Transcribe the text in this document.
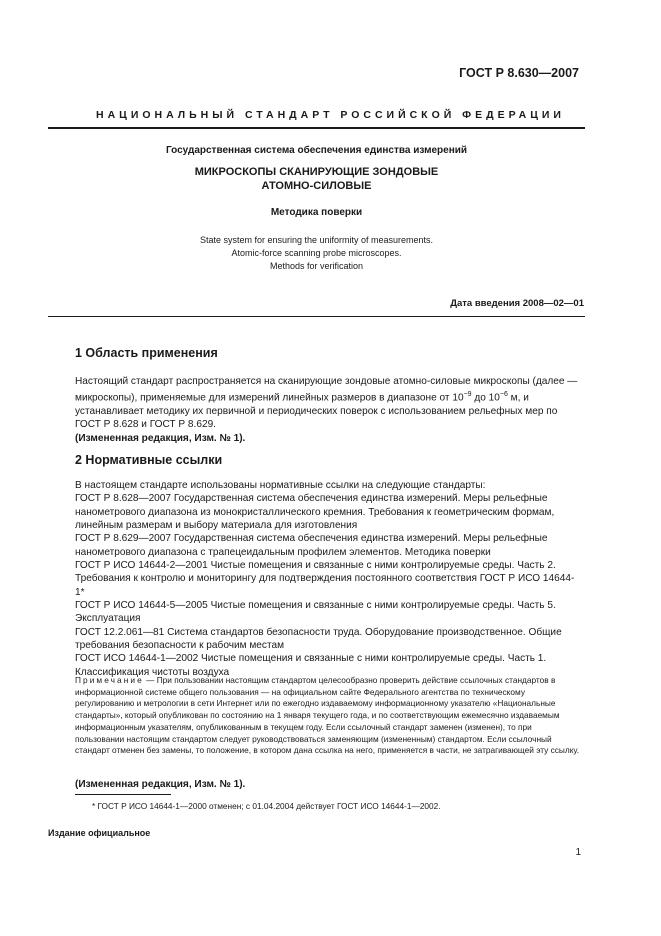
ГОСТ Р 8.630—2007
НАЦИОНАЛЬНЫЙ СТАНДАРТ РОССИЙСКОЙ ФЕДЕРАЦИИ
Государственная система обеспечения единства измерений
МИКРОСКОПЫ СКАНИРУЮЩИЕ ЗОНДОВЫЕ
АТОМНО-СИЛОВЫЕ
Методика поверки
State system for ensuring the uniformity of measurements.
Atomic-force scanning probe microscopes.
Methods for verification
Дата введения 2008—02—01
1 Область применения

Настоящий стандарт распространяется на сканирующие зондовые атомно-силовые микроскопы (далее — микроскопы), применяемые для измерений линейных размеров в диапазоне от $10^{-9}$ до $10^{-6}$ м, и устанавливает методику их первичной и периодических поверок с использованием рельефных мер по ГОСТ Р 8.628 и ГОСТ Р 8.629.

(Измененная редакция, Изм. № 1).

2 Нормативные ссылки

В настоящем стандарте использованы нормативные ссылки на следующие стандарты:

ГОСТ Р 8.628—2007 Государственная система обеспечения единства измерений. Меры рельефные нанометрового диапазона из монокристаллического кремния. Требования к геометрическим формам, линейным размерам и выбору материала для изготовления

ГОСТ Р 8.629—2007 Государственная система обеспечения единства измерений. Меры рельефные нанометрового диапазона с трапецеидальным профилем элементов. Методика поверки

ГОСТ Р ИСО 14644-2—2001 Чистые помещения и связанные с ними контролируемые среды. Часть 2. Требования к контролю и мониторингу для подтверждения постоянного соответствия ГОСТ Р ИСО 14644-1*

ГОСТ Р ИСО 14644-5—2005 Чистые помещения и связанные с ними контролируемые среды. Часть 5. Эксплуатация

ГОСТ 12.2.061—81 Система стандартов безопасности труда. Оборудование производственное. Общие требования безопасности к рабочим местам

ГОСТ ИСО 14644-1—2002 Чистые помещения и связанные с ними контролируемые среды. Часть 1. Классификация чистоты воздуха

Примечание — При пользовании настоящим стандартом целесообразно проверить действие ссылочных стандартов в информационной системе общего пользования — на официальном сайте Федерального агентства по техническому регулированию и метрологии в сети Интернет или по ежегодно издаваемому информационному указателю «Национальные стандарты», который опубликован по состоянию на 1 января текущего года, и по соответствующим ежемесячно издаваемым информационным указателям, опубликованным в текущем году. Если ссылочный стандарт заменен (изменен), то при пользовании настоящим стандартом следует руководствоваться заменяющим (измененным) стандартом. Если ссылочный стандарт отменен без замены, то положение, в котором дана ссылка на него, применяется в части, не затрагивающей эту ссылку.

(Измененная редакция, Изм. № 1).
* ГОСТ Р ИСО 14644-1—2000 отменен; с 01.04.2004 действует ГОСТ ИСО 14644-1—2002.
Издание официальное
1
